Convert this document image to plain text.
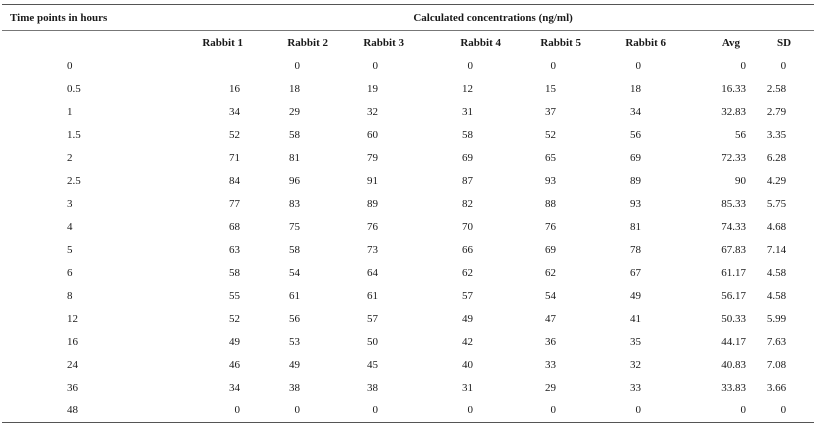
Time points in hours	Calculated concentrations (ng/ml)							
	Rabbit 1	Rabbit 2	Rabbit 3	Rabbit 4	Rabbit 5	Rabbit 6	Avg	SD
0		0	0	0	0	0	0	0
0.5	16	18	19	12	15	18	16.33	2.58
1	34	29	32	31	37	34	32.83	2.79
1.5	52	58	60	58	52	56	56	3.35
2	71	81	79	69	65	69	72.33	6.28
2.5	84	96	91	87	93	89	90	4.29
3	77	83	89	82	88	93	85.33	5.75
4	68	75	76	70	76	81	74.33	4.68
5	63	58	73	66	69	78	67.83	7.14
6	58	54	64	62	62	67	61.17	4.58
8	55	61	61	57	54	49	56.17	4.58
12	52	56	57	49	47	41	50.33	5.99
16	49	53	50	42	36	35	44.17	7.63
24	46	49	45	40	33	32	40.83	7.08
36	34	38	38	31	29	33	33.83	3.66
48	0	0	0	0	0	0	0	0
